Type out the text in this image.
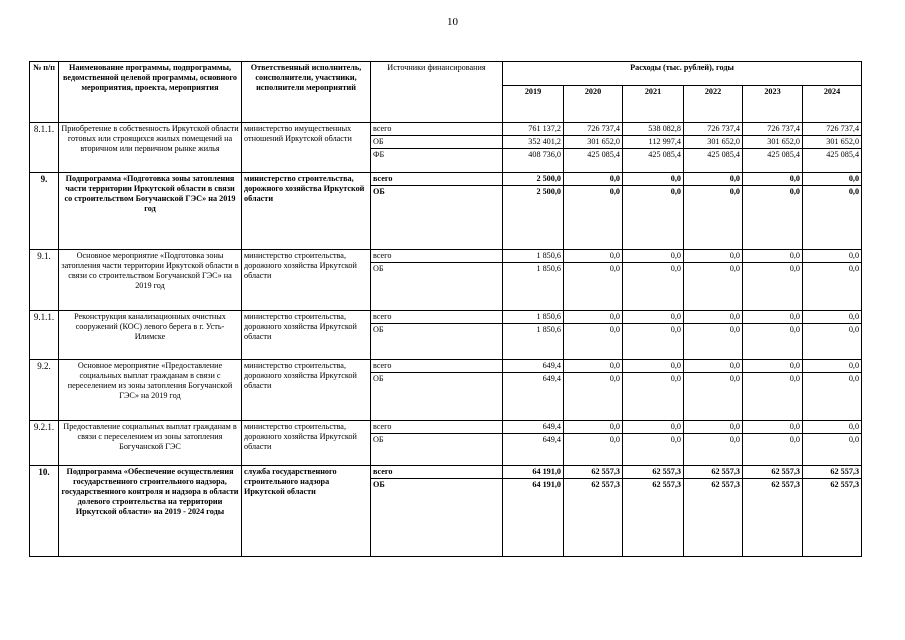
10
№ п/п	Наименование программы, подпрограммы, ведомственной целевой программы, основного мероприятия, проекта, мероприятия	Ответственный исполнитель, соисполнители, участники, исполнители мероприятий	Источники финансирования	Расходы (тыс. рублей), годы					
				2019	2020	2021	2022	2023	2024
8.1.1.	Приобретение в собственность Иркутской области готовых или строящихся жилых помещений на вторичном или первичном рынке жилья	министерство имущественных отношений Иркутской области	всего	761 137,2	726 737,4	538 082,8	726 737,4	726 737,4	726 737,4
			ОБ	352 401,2	301 652,0	112 997,4	301 652,0	301 652,0	301 652,0
			ФБ	408 736,0	425 085,4	425 085,4	425 085,4	425 085,4	425 085,4
9.	Подпрограмма «Подготовка зоны затопления части территории Иркутской области в связи со строительством Богучанской ГЭС» на 2019 год	министерство строительства, дорожного хозяйства Иркутской области	всего	2 500,0	0,0	0,0	0,0	0,0	0,0
			ОБ	2 500,0	0,0	0,0	0,0	0,0	0,0
9.1.	Основное мероприятие «Подготовка зоны затопления части территории Иркутской области в связи со строительством Богучанской ГЭС» на 2019 год	министерство строительства, дорожного хозяйства Иркутской области	всего	1 850,6	0,0	0,0	0,0	0,0	0,0
			ОБ	1 850,6	0,0	0,0	0,0	0,0	0,0
9.1.1.	Реконструкция канализационных очистных сооружений (КОС) левого берега в г. Усть-Илимске	министерство строительства, дорожного хозяйства Иркутской области	всего	1 850,6	0,0	0,0	0,0	0,0	0,0
			ОБ	1 850,6	0,0	0,0	0,0	0,0	0,0
9.2.	Основное мероприятие «Предоставление социальных выплат гражданам в связи с переселением из зоны затопления Богучанской ГЭС» на 2019 год	министерство строительства, дорожного хозяйства Иркутской области	всего	649,4	0,0	0,0	0,0	0,0	0,0
			ОБ	649,4	0,0	0,0	0,0	0,0	0,0
9.2.1.	Предоставление социальных выплат гражданам в связи с переселением из зоны затопления Богучанской ГЭС	министерство строительства, дорожного хозяйства Иркутской области	всего	649,4	0,0	0,0	0,0	0,0	0,0
			ОБ	649,4	0,0	0,0	0,0	0,0	0,0
10.	Подпрограмма «Обеспечение осуществления государственного строительного надзора, государственного контроля и надзора в области долевого строительства на территории Иркутской области» на 2019 - 2024 годы	служба государственного строительного надзора Иркутской области	всего	64 191,0	62 557,3	62 557,3	62 557,3	62 557,3	62 557,3
			ОБ	64 191,0	62 557,3	62 557,3	62 557,3	62 557,3	62 557,3
